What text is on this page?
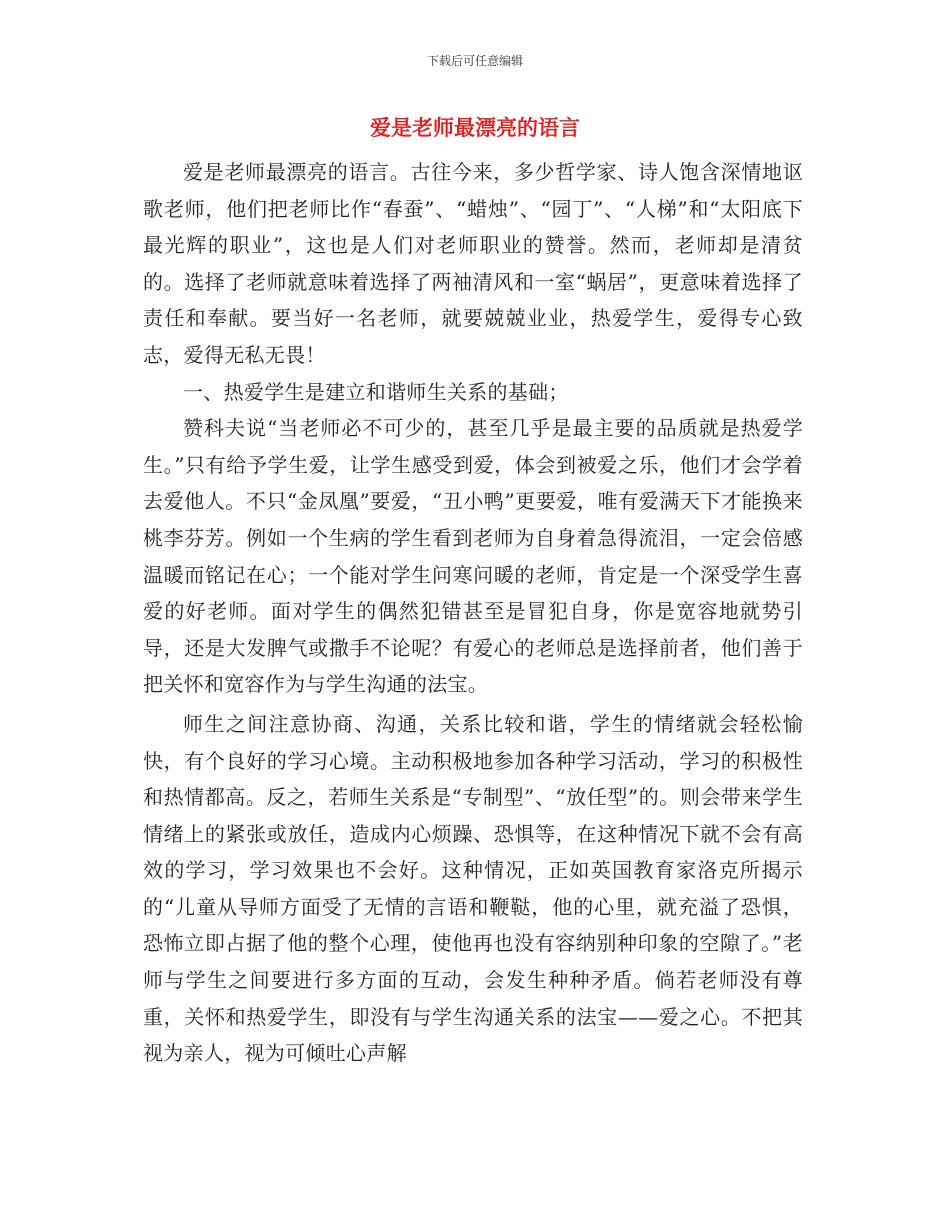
下载后可任意编辑
爱是老师最漂亮的语言

爱是老师最漂亮的语言。古往今来，多少哲学家、诗人饱含深情地讴歌老师，他们把老师比作“春蚕”、“蜡烛”、“园丁”、“人梯”和“太阳底下最光辉的职业”，这也是人们对老师职业的赞誉。然而，老师却是清贫的。选择了老师就意味着选择了两袖清风和一室“蜗居”，更意味着选择了责任和奉献。要当好一名老师，就要兢兢业业，热爱学生，爱得专心致志，爱得无私无畏！

一、热爱学生是建立和谐师生关系的基础；

赞科夫说“当老师必不可少的，甚至几乎是最主要的品质就是热爱学生。”只有给予学生爱，让学生感受到爱，体会到被爱之乐，他们才会学着去爱他人。不只“金凤凰”要爱，“丑小鸭”更要爱，唯有爱满天下才能换来桃李芬芳。例如一个生病的学生看到老师为自身着急得流泪，一定会倍感温暖而铭记在心；一个能对学生问寒问暖的老师，肯定是一个深受学生喜爱的好老师。面对学生的偶然犯错甚至是冒犯自身，你是宽容地就势引导，还是大发脾气或撒手不论呢？有爱心的老师总是选择前者，他们善于把关怀和宽容作为与学生沟通的法宝。

师生之间注意协商、沟通，关系比较和谐，学生的情绪就会轻松愉快，有个良好的学习心境。主动积极地参加各种学习活动，学习的积极性和热情都高。反之，若师生关系是“专制型”、“放任型”的。则会带来学生情绪上的紧张或放任，造成内心烦躁、恐惧等，在这种情况下就不会有高效的学习，学习效果也不会好。这种情况，正如英国教育家洛克所揭示的“儿童从导师方面受了无情的言语和鞭鞑，他的心里，就充溢了恐惧，恐怖立即占据了他的整个心理，使他再也没有容纳别种印象的空隙了。”老师与学生之间要进行多方面的互动，会发生种种矛盾。倘若老师没有尊重，关怀和热爱学生，即没有与学生沟通关系的法宝——爱之心。不把其视为亲人，视为可倾吐心声解
